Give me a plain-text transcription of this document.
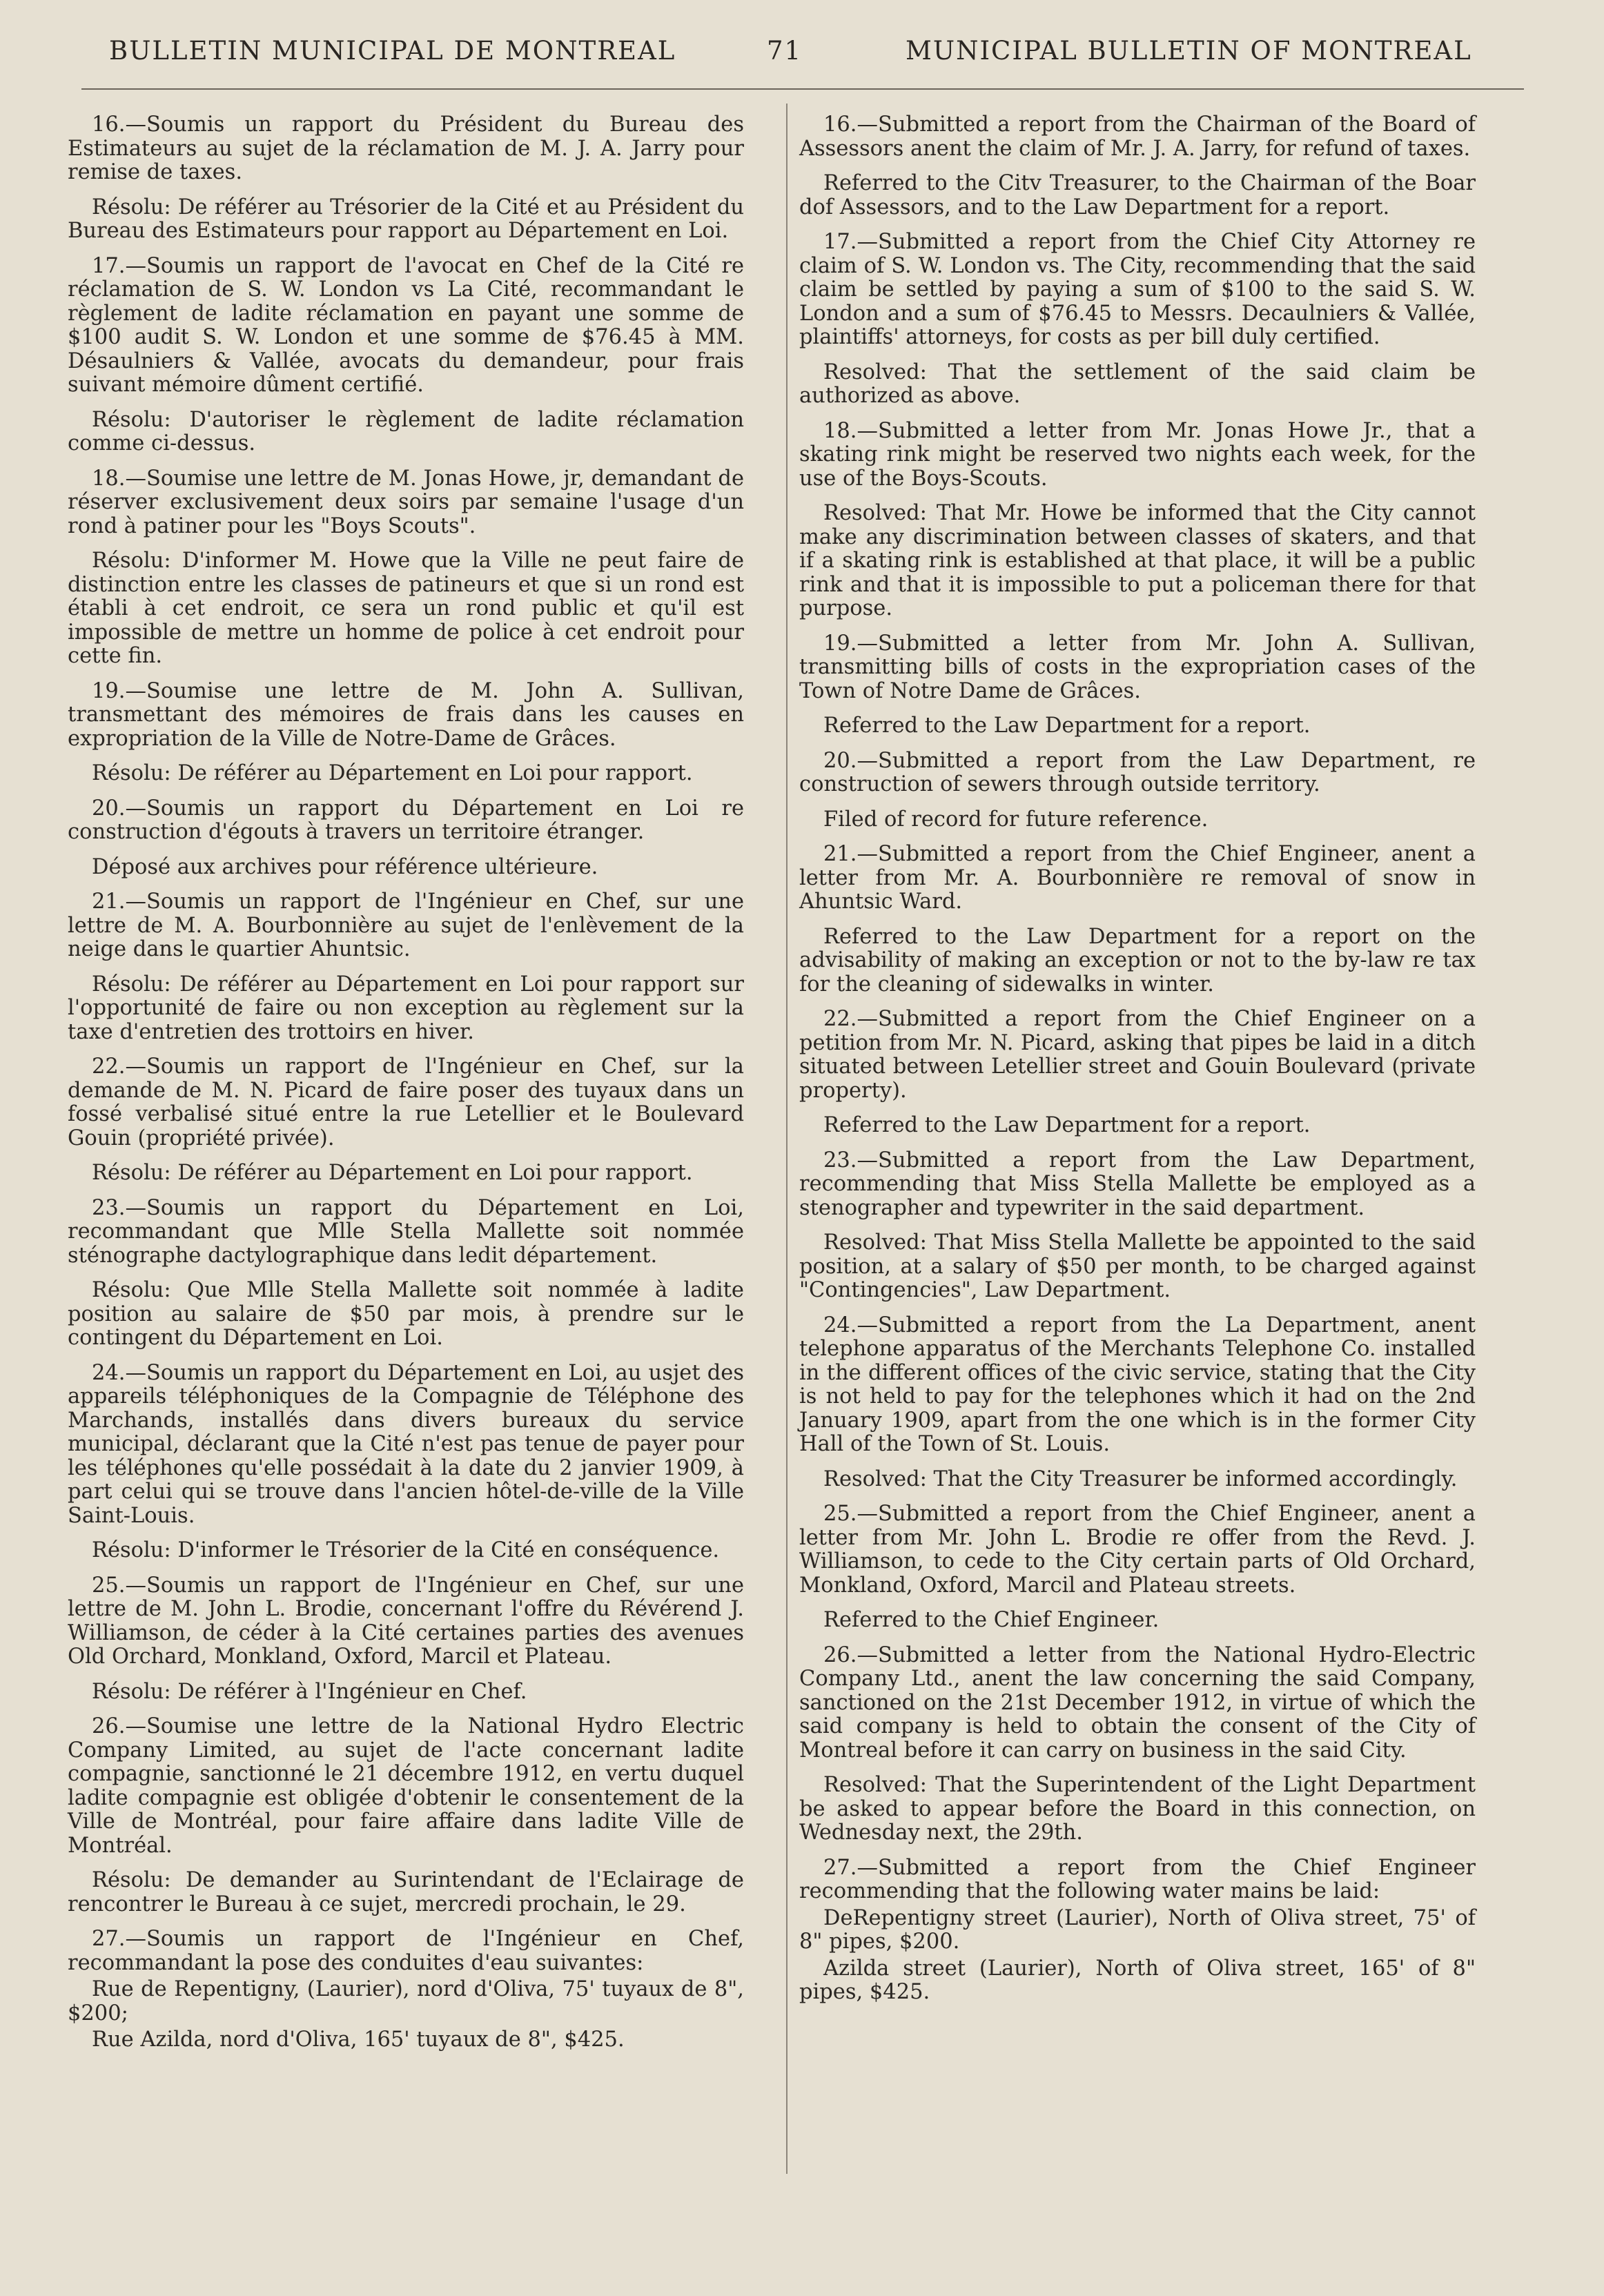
BULLETIN MUNICIPAL DE MONTREAL	71	MUNICIPAL BULLETIN OF MONTREAL

16.—Soumis un rapport du Président du Bureau des Estimateurs au sujet de la réclamation de M. J. A. Jarry pour remise de taxes.

Résolu: De référer au Trésorier de la Cité et au Président du Bureau des Estimateurs pour rapport au Département en Loi.

17.—Soumis un rapport de l'avocat en Chef de la Cité re réclamation de S. W. London vs La Cité, recommandant le règlement de ladite réclamation en payant une somme de $100 audit S. W. London et une somme de $76.45 à MM. Désaulniers & Vallée, avocats du demandeur, pour frais suivant mémoire dûment certifié.

Résolu: D'autoriser le règlement de ladite réclamation comme ci-dessus.

18.—Soumise une lettre de M. Jonas Howe, jr, demandant de réserver exclusivement deux soirs par semaine l'usage d'un rond à patiner pour les "Boys Scouts".

Résolu: D'informer M. Howe que la Ville ne peut faire de distinction entre les classes de patineurs et que si un rond est établi à cet endroit, ce sera un rond public et qu'il est impossible de mettre un homme de police à cet endroit pour cette fin.

19.—Soumise une lettre de M. John A. Sullivan, transmettant des mémoires de frais dans les causes en expropriation de la Ville de Notre-Dame de Grâces.

Résolu: De référer au Département en Loi pour rapport.

20.—Soumis un rapport du Département en Loi re construction d'égouts à travers un territoire étranger.

Déposé aux archives pour référence ultérieure.

21.—Soumis un rapport de l'Ingénieur en Chef, sur une lettre de M. A. Bourbonnière au sujet de l'enlèvement de la neige dans le quartier Ahuntsic.

Résolu: De référer au Département en Loi pour rapport sur l'opportunité de faire ou non exception au règlement sur la taxe d'entretien des trottoirs en hiver.

22.—Soumis un rapport de l'Ingénieur en Chef, sur la demande de M. N. Picard de faire poser des tuyaux dans un fossé verbalisé situé entre la rue Letellier et le Boulevard Gouin (propriété privée).

Résolu: De référer au Département en Loi pour rapport.

23.—Soumis un rapport du Département en Loi, recommandant que Mlle Stella Mallette soit nommée sténographe dactylographique dans ledit département.

Résolu: Que Mlle Stella Mallette soit nommée à ladite position au salaire de $50 par mois, à prendre sur le contingent du Département en Loi.

24.—Soumis un rapport du Département en Loi, au usjet des appareils téléphoniques de la Compagnie de Téléphone des Marchands, installés dans divers bureaux du service municipal, déclarant que la Cité n'est pas tenue de payer pour les téléphones qu'elle possédait à la date du 2 janvier 1909, à part celui qui se trouve dans l'ancien hôtel-de-ville de la Ville Saint-Louis.

Résolu: D'informer le Trésorier de la Cité en conséquence.

25.—Soumis un rapport de l'Ingénieur en Chef, sur une lettre de M. John L. Brodie, concernant l'offre du Révérend J. Williamson, de céder à la Cité certaines parties des avenues Old Orchard, Monkland, Oxford, Marcil et Plateau.

Résolu: De référer à l'Ingénieur en Chef.

26.—Soumise une lettre de la National Hydro Electric Company Limited, au sujet de l'acte concernant ladite compagnie, sanctionné le 21 décembre 1912, en vertu duquel ladite compagnie est obligée d'obtenir le consentement de la Ville de Montréal, pour faire affaire dans ladite Ville de Montréal.

Résolu: De demander au Surintendant de l'Eclairage de rencontrer le Bureau à ce sujet, mercredi prochain, le 29.

27.—Soumis un rapport de l'Ingénieur en Chef, recommandant la pose des conduites d'eau suivantes:

Rue de Repentigny, (Laurier), nord d'Oliva, 75' tuyaux de 8", $200;

Rue Azilda, nord d'Oliva, 165' tuyaux de 8", $425.

16.—Submitted a report from the Chairman of the Board of Assessors anent the claim of Mr. J. A. Jarry, for refund of taxes.

Referred to the Citv Treasurer, to the Chairman of the Boar dof Assessors, and to the Law Department for a report.

17.—Submitted a report from the Chief City Attorney re claim of S. W. London vs. The City, recommending that the said claim be settled by paying a sum of $100 to the said S. W. London and a sum of $76.45 to Messrs. Decaulniers & Vallée, plaintiffs' attorneys, for costs as per bill duly certified.

Resolved: That the settlement of the said claim be authorized as above.

18.—Submitted a letter from Mr. Jonas Howe Jr., that a skating rink might be reserved two nights each week, for the use of the Boys-Scouts.

Resolved: That Mr. Howe be informed that the City cannot make any discrimination between classes of skaters, and that if a skating rink is established at that place, it will be a public rink and that it is impossible to put a policeman there for that purpose.

19.—Submitted a letter from Mr. John A. Sullivan, transmitting bills of costs in the expropriation cases of the Town of Notre Dame de Grâces.

Referred to the Law Department for a report.

20.—Submitted a report from the Law Department, re construction of sewers through outside territory.

Filed of record for future reference.

21.—Submitted a report from the Chief Engineer, anent a letter from Mr. A. Bourbonnière re removal of snow in Ahuntsic Ward.

Referred to the Law Department for a report on the advisability of making an exception or not to the by-law re tax for the cleaning of sidewalks in winter.

22.—Submitted a report from the Chief Engineer on a petition from Mr. N. Picard, asking that pipes be laid in a ditch situated between Letellier street and Gouin Boulevard (private property).

Referred to the Law Department for a report.

23.—Submitted a report from the Law Department, recommending that Miss Stella Mallette be employed as a stenographer and typewriter in the said department.

Resolved: That Miss Stella Mallette be appointed to the said position, at a salary of $50 per month, to be charged against "Contingencies", Law Department.

24.—Submitted a report from the La Department, anent telephone apparatus of the Merchants Telephone Co. installed in the different offices of the civic service, stating that the City is not held to pay for the telephones which it had on the 2nd January 1909, apart from the one which is in the former City Hall of the Town of St. Louis.

Resolved: That the City Treasurer be informed accordingly.

25.—Submitted a report from the Chief Engineer, anent a letter from Mr. John L. Brodie re offer from the Revd. J. Williamson, to cede to the City certain parts of Old Orchard, Monkland, Oxford, Marcil and Plateau streets.

Referred to the Chief Engineer.

26.—Submitted a letter from the National Hydro-Electric Company Ltd., anent the law concerning the said Company, sanctioned on the 21st December 1912, in virtue of which the said company is held to obtain the consent of the City of Montreal before it can carry on business in the said City.

Resolved: That the Superintendent of the Light Department be asked to appear before the Board in this connection, on Wednesday next, the 29th.

27.—Submitted a report from the Chief Engineer recommending that the following water mains be laid:

DeRepentigny street (Laurier), North of Oliva street, 75' of 8" pipes, $200.

Azilda street (Laurier), North of Oliva street, 165' of 8" pipes, $425.
